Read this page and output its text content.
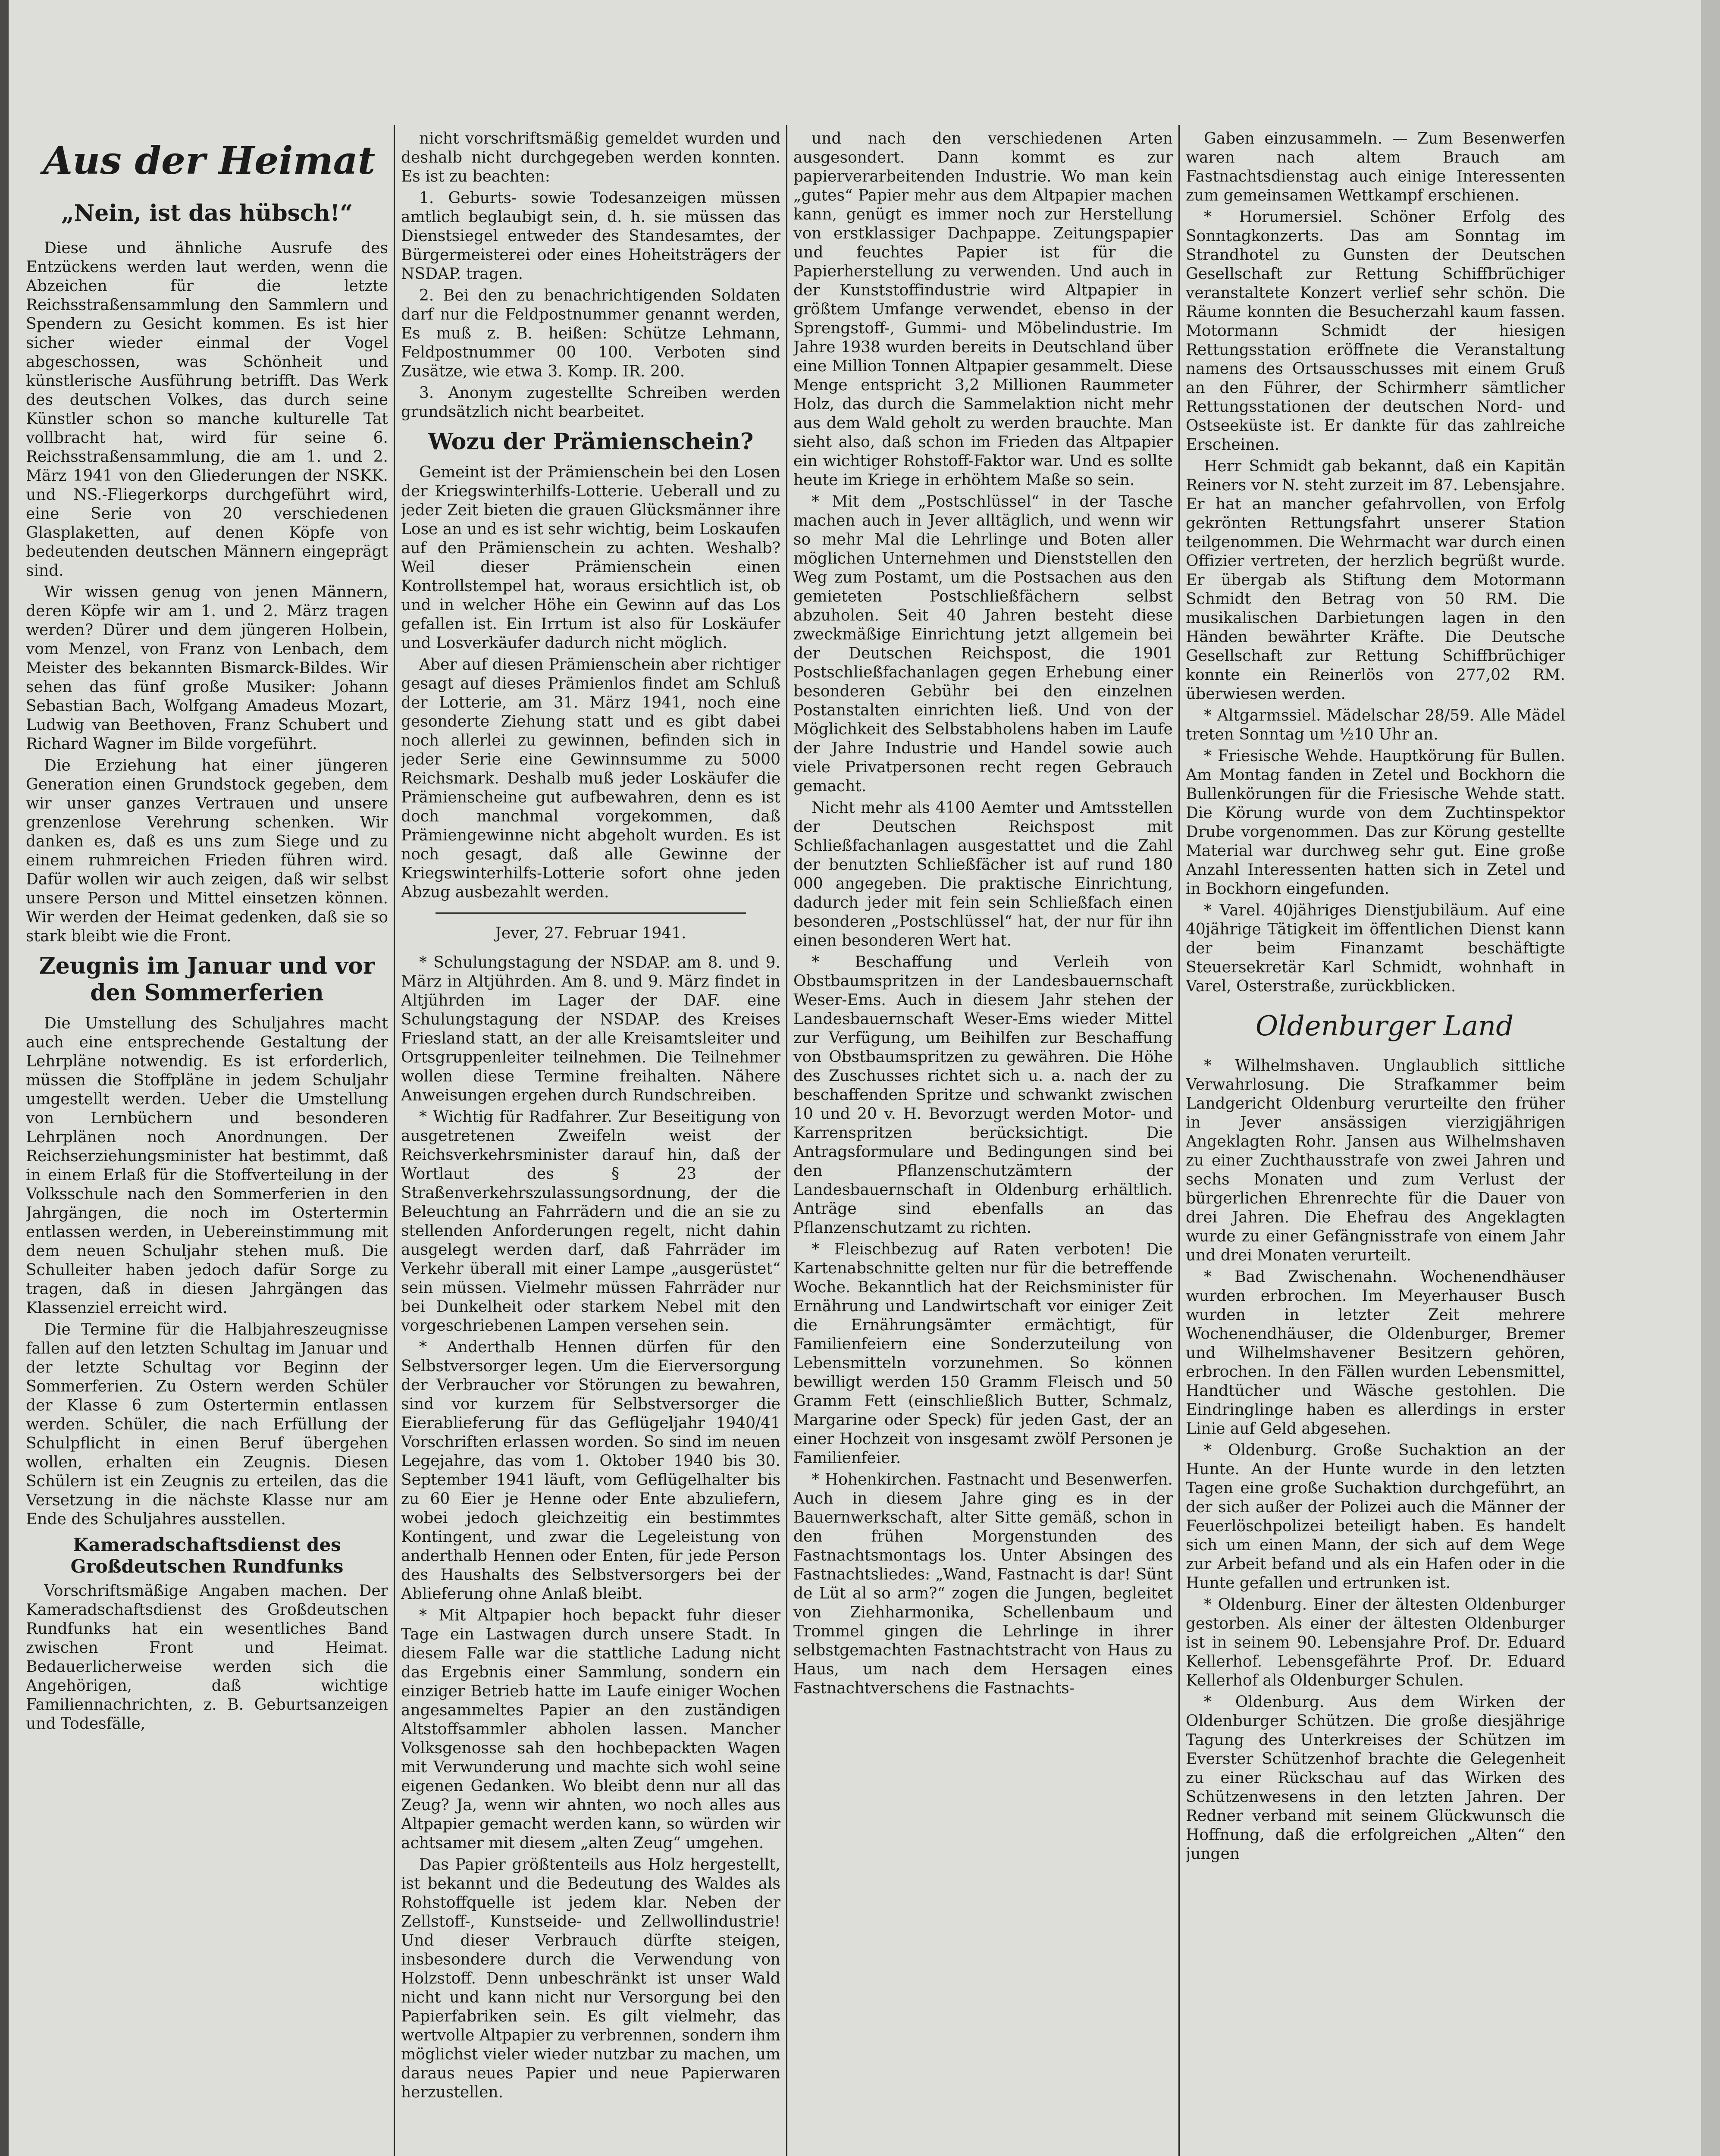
Aus der Heimat
„Nein, ist das hübsch!“

Diese und ähnliche Ausrufe des Entzückens werden laut werden, wenn die Abzeichen für die letzte Reichsstraßensammlung den Sammlern und Spendern zu Gesicht kommen. Es ist hier sicher wieder einmal der Vogel abgeschossen, was Schönheit und künstlerische Ausführung betrifft. Das Werk des deutschen Volkes, das durch seine Künstler schon so manche kulturelle Tat vollbracht hat, wird für seine 6. Reichsstraßensammlung, die am 1. und 2. März 1941 von den Gliederungen der NSKK. und NS.-Fliegerkorps durchgeführt wird, eine Serie von 20 verschiedenen Glasplaketten, auf denen Köpfe von bedeutenden deutschen Männern eingeprägt sind.

Wir wissen genug von jenen Männern, deren Köpfe wir am 1. und 2. März tragen werden? Dürer und dem jüngeren Holbein, vom Menzel, von Franz von Lenbach, dem Meister des bekannten Bismarck-Bildes. Wir sehen das fünf große Musiker: Johann Sebastian Bach, Wolfgang Amadeus Mozart, Ludwig van Beethoven, Franz Schubert und Richard Wagner im Bilde vorgeführt.

Die Erziehung hat einer jüngeren Generation einen Grundstock gegeben, dem wir unser ganzes Vertrauen und unsere grenzenlose Verehrung schenken. Wir danken es, daß es uns zum Siege und zu einem ruhmreichen Frieden führen wird. Dafür wollen wir auch zeigen, daß wir selbst unsere Person und Mittel einsetzen können. Wir werden der Heimat gedenken, daß sie so stark bleibt wie die Front.

Zeugnis im Januar und vor den Sommerferien

Die Umstellung des Schuljahres macht auch eine entsprechende Gestaltung der Lehrpläne notwendig. Es ist erforderlich, müssen die Stoffpläne in jedem Schuljahr umgestellt werden. Ueber die Umstellung von Lernbüchern und besonderen Lehrplänen noch Anordnungen. Der Reichserziehungsminister hat bestimmt, daß in einem Erlaß für die Stoffverteilung in der Volksschule nach den Sommerferien in den Jahrgängen, die noch im Ostertermin entlassen werden, in Uebereinstimmung mit dem neuen Schuljahr stehen muß. Die Schulleiter haben jedoch dafür Sorge zu tragen, daß in diesen Jahrgängen das Klassenziel erreicht wird.

Die Termine für die Halbjahreszeugnisse fallen auf den letzten Schultag im Januar und der letzte Schultag vor Beginn der Sommerferien. Zu Ostern werden Schüler der Klasse 6 zum Ostertermin entlassen werden. Schüler, die nach Erfüllung der Schulpflicht in einen Beruf übergehen wollen, erhalten ein Zeugnis. Diesen Schülern ist ein Zeugnis zu erteilen, das die Versetzung in die nächste Klasse nur am Ende des Schuljahres ausstellen.

Kameradschaftsdienst des Großdeutschen Rundfunks

Vorschriftsmäßige Angaben machen. Der Kameradschaftsdienst des Großdeutschen Rundfunks hat ein wesentliches Band zwischen Front und Heimat. Bedauerlicherweise werden sich die Angehörigen, daß wichtige Familiennachrichten, z. B. Geburtsanzeigen und Todesfälle,

nicht vorschriftsmäßig gemeldet wurden und deshalb nicht durchgegeben werden konnten. Es ist zu beachten:

1. Geburts- sowie Todesanzeigen müssen amtlich beglaubigt sein, d. h. sie müssen das Dienstsiegel entweder des Standesamtes, der Bürgermeisterei oder eines Hoheitsträgers der NSDAP. tragen.

2. Bei den zu benachrichtigenden Soldaten darf nur die Feldpostnummer genannt werden, Es muß z. B. heißen: Schütze Lehmann, Feldpostnummer 00 100. Verboten sind Zusätze, wie etwa 3. Komp. IR. 200.

3. Anonym zugestellte Schreiben werden grundsätzlich nicht bearbeitet.

Wozu der Prämienschein?

Gemeint ist der Prämienschein bei den Losen der Kriegswinterhilfs-Lotterie. Ueberall und zu jeder Zeit bieten die grauen Glücksmänner ihre Lose an und es ist sehr wichtig, beim Loskaufen auf den Prämienschein zu achten. Weshalb? Weil dieser Prämienschein einen Kontrollstempel hat, woraus ersichtlich ist, ob und in welcher Höhe ein Gewinn auf das Los gefallen ist. Ein Irrtum ist also für Loskäufer und Losverkäufer dadurch nicht möglich.

Aber auf diesen Prämienschein aber richtiger gesagt auf dieses Prämienlos findet am Schluß der Lotterie, am 31. März 1941, noch eine gesonderte Ziehung statt und es gibt dabei noch allerlei zu gewinnen, befinden sich in jeder Serie eine Gewinnsumme zu 5000 Reichsmark. Deshalb muß jeder Loskäufer die Prämienscheine gut aufbewahren, denn es ist doch manchmal vorgekommen, daß Prämiengewinne nicht abgeholt wurden. Es ist noch gesagt, daß alle Gewinne der Kriegswinterhilfs-Lotterie sofort ohne jeden Abzug ausbezahlt werden.

Jever, 27. Februar 1941.

* Schulungstagung der NSDAP. am 8. und 9. März in Altjührden. Am 8. und 9. März findet in Altjührden im Lager der DAF. eine Schulungstagung der NSDAP. des Kreises Friesland statt, an der alle Kreisamtsleiter und Ortsgruppenleiter teilnehmen. Die Teilnehmer wollen diese Termine freihalten. Nähere Anweisungen ergehen durch Rundschreiben.

* Wichtig für Radfahrer. Zur Beseitigung von ausgetretenen Zweifeln weist der Reichsverkehrsminister darauf hin, daß der Wortlaut des § 23 der Straßenverkehrszulassungsordnung, der die Beleuchtung an Fahrrädern und die an sie zu stellenden Anforderungen regelt, nicht dahin ausgelegt werden darf, daß Fahrräder im Verkehr überall mit einer Lampe „ausgerüstet“ sein müssen. Vielmehr müssen Fahrräder nur bei Dunkelheit oder starkem Nebel mit den vorgeschriebenen Lampen versehen sein.

* Anderthalb Hennen dürfen für den Selbstversorger legen. Um die Eierversorgung der Verbraucher vor Störungen zu bewahren, sind vor kurzem für Selbstversorger die Eierablieferung für das Geflügeljahr 1940/41 Vorschriften erlassen worden. So sind im neuen Legejahre, das vom 1. Oktober 1940 bis 30. September 1941 läuft, vom Geflügelhalter bis zu 60 Eier je Henne oder Ente abzuliefern, wobei jedoch gleichzeitig ein bestimmtes Kontingent, und zwar die Legeleistung von anderthalb Hennen oder Enten, für jede Person des Haushalts des Selbstversorgers bei der Ablieferung ohne Anlaß bleibt.

* Mit Altpapier hoch bepackt fuhr dieser Tage ein Lastwagen durch unsere Stadt. In diesem Falle war die stattliche Ladung nicht das Ergebnis einer Sammlung, sondern ein einziger Betrieb hatte im Laufe einiger Wochen angesammeltes Papier an den zuständigen Altstoffsammler abholen lassen. Mancher Volksgenosse sah den hochbepackten Wagen mit Verwunderung und machte sich wohl seine eigenen Gedanken. Wo bleibt denn nur all das Zeug? Ja, wenn wir ahnten, wo noch alles aus Altpapier gemacht werden kann, so würden wir achtsamer mit diesem „alten Zeug“ umgehen.

Das Papier größtenteils aus Holz hergestellt, ist bekannt und die Bedeutung des Waldes als Rohstoffquelle ist jedem klar. Neben der Zellstoff-, Kunstseide- und Zellwollindustrie! Und dieser Verbrauch dürfte steigen, insbesondere durch die Verwendung von Holzstoff. Denn unbeschränkt ist unser Wald nicht und kann nicht nur Versorgung bei den Papierfabriken sein. Es gilt vielmehr, das wertvolle Altpapier zu verbrennen, sondern ihm möglichst vieler wieder nutzbar zu machen, um daraus neues Papier und neue Papierwaren herzustellen.

und nach den verschiedenen Arten ausgesondert. Dann kommt es zur papierverarbeitenden Industrie. Wo man kein „gutes“ Papier mehr aus dem Altpapier machen kann, genügt es immer noch zur Herstellung von erstklassiger Dachpappe. Zeitungspapier und feuchtes Papier ist für die Papierherstellung zu verwenden. Und auch in der Kunststoffindustrie wird Altpapier in größtem Umfange verwendet, ebenso in der Sprengstoff-, Gummi- und Möbelindustrie. Im Jahre 1938 wurden bereits in Deutschland über eine Million Tonnen Altpapier gesammelt. Diese Menge entspricht 3,2 Millionen Raummeter Holz, das durch die Sammelaktion nicht mehr aus dem Wald geholt zu werden brauchte. Man sieht also, daß schon im Frieden das Altpapier ein wichtiger Rohstoff-Faktor war. Und es sollte heute im Kriege in erhöhtem Maße so sein.

* Mit dem „Postschlüssel“ in der Tasche machen auch in Jever alltäglich, und wenn wir so mehr Mal die Lehrlinge und Boten aller möglichen Unternehmen und Dienststellen den Weg zum Postamt, um die Postsachen aus den gemieteten Postschließfächern selbst abzuholen. Seit 40 Jahren besteht diese zweckmäßige Einrichtung jetzt allgemein bei der Deutschen Reichspost, die 1901 Postschließfachanlagen gegen Erhebung einer besonderen Gebühr bei den einzelnen Postanstalten einrichten ließ. Und von der Möglichkeit des Selbstabholens haben im Laufe der Jahre Industrie und Handel sowie auch viele Privatpersonen recht regen Gebrauch gemacht.

Nicht mehr als 4100 Aemter und Amtsstellen der Deutschen Reichspost mit Schließfachanlagen ausgestattet und die Zahl der benutzten Schließfächer ist auf rund 180 000 angegeben. Die praktische Einrichtung, dadurch jeder mit fein sein Schließfach einen besonderen „Postschlüssel“ hat, der nur für ihn einen besonderen Wert hat.

* Beschaffung und Verleih von Obstbaumspritzen in der Landesbauernschaft Weser-Ems. Auch in diesem Jahr stehen der Landesbauernschaft Weser-Ems wieder Mittel zur Verfügung, um Beihilfen zur Beschaffung von Obstbaumspritzen zu gewähren. Die Höhe des Zuschusses richtet sich u. a. nach der zu beschaffenden Spritze und schwankt zwischen 10 und 20 v. H. Bevorzugt werden Motor- und Karrenspritzen berücksichtigt. Die Antragsformulare und Bedingungen sind bei den Pflanzenschutzämtern der Landesbauernschaft in Oldenburg erhältlich. Anträge sind ebenfalls an das Pflanzenschutzamt zu richten.

* Fleischbezug auf Raten verboten! Die Kartenabschnitte gelten nur für die betreffende Woche. Bekanntlich hat der Reichsminister für Ernährung und Landwirtschaft vor einiger Zeit die Ernährungsämter ermächtigt, für Familienfeiern eine Sonderzuteilung von Lebensmitteln vorzunehmen. So können bewilligt werden 150 Gramm Fleisch und 50 Gramm Fett (einschließlich Butter, Schmalz, Margarine oder Speck) für jeden Gast, der an einer Hochzeit von insgesamt zwölf Personen je Familienfeier.

* Hohenkirchen. Fastnacht und Besenwerfen. Auch in diesem Jahre ging es in der Bauernwerkschaft, alter Sitte gemäß, schon in den frühen Morgenstunden des Fastnachtsmontags los. Unter Absingen des Fastnachtsliedes: „Wand, Fastnacht is dar! Sünt de Lüt al so arm?“ zogen die Jungen, begleitet von Ziehharmonika, Schellenbaum und Trommel gingen die Lehrlinge in ihrer selbstgemachten Fastnachtstracht von Haus zu Haus, um nach dem Hersagen eines Fastnachtverschens die Fastnachts-

Gaben einzusammeln. — Zum Besenwerfen waren nach altem Brauch am Fastnachtsdienstag auch einige Interessenten zum gemeinsamen Wettkampf erschienen.

* Horumersiel. Schöner Erfolg des Sonntagkonzerts. Das am Sonntag im Strandhotel zu Gunsten der Deutschen Gesellschaft zur Rettung Schiffbrüchiger veranstaltete Konzert verlief sehr schön. Die Räume konnten die Besucherzahl kaum fassen. Motormann Schmidt der hiesigen Rettungsstation eröffnete die Veranstaltung namens des Ortsausschusses mit einem Gruß an den Führer, der Schirmherr sämtlicher Rettungsstationen der deutschen Nord- und Ostseeküste ist. Er dankte für das zahlreiche Erscheinen.

Herr Schmidt gab bekannt, daß ein Kapitän Reiners vor N. steht zurzeit im 87. Lebensjahre. Er hat an mancher gefahrvollen, von Erfolg gekrönten Rettungsfahrt unserer Station teilgenommen. Die Wehrmacht war durch einen Offizier vertreten, der herzlich begrüßt wurde. Er übergab als Stiftung dem Motormann Schmidt den Betrag von 50 RM. Die musikalischen Darbietungen lagen in den Händen bewährter Kräfte. Die Deutsche Gesellschaft zur Rettung Schiffbrüchiger konnte ein Reinerlös von 277,02 RM. überwiesen werden.

* Altgarmssiel. Mädelschar 28/59. Alle Mädel treten Sonntag um ½10 Uhr an.

* Friesische Wehde. Hauptkörung für Bullen. Am Montag fanden in Zetel und Bockhorn die Bullenkörungen für die Friesische Wehde statt. Die Körung wurde von dem Zuchtinspektor Drube vorgenommen. Das zur Körung gestellte Material war durchweg sehr gut. Eine große Anzahl Interessenten hatten sich in Zetel und in Bockhorn eingefunden.

* Varel. 40jähriges Dienstjubiläum. Auf eine 40jährige Tätigkeit im öffentlichen Dienst kann der beim Finanzamt beschäftigte Steuersekretär Karl Schmidt, wohnhaft in Varel, Osterstraße, zurückblicken.

Oldenburger Land

* Wilhelmshaven. Unglaublich sittliche Verwahrlosung. Die Strafkammer beim Landgericht Oldenburg verurteilte den früher in Jever ansässigen vierzigjährigen Angeklagten Rohr. Jansen aus Wilhelmshaven zu einer Zuchthausstrafe von zwei Jahren und sechs Monaten und zum Verlust der bürgerlichen Ehrenrechte für die Dauer von drei Jahren. Die Ehefrau des Angeklagten wurde zu einer Gefängnisstrafe von einem Jahr und drei Monaten verurteilt.

* Bad Zwischenahn. Wochenendhäuser wurden erbrochen. Im Meyerhauser Busch wurden in letzter Zeit mehrere Wochenendhäuser, die Oldenburger, Bremer und Wilhelmshavener Besitzern gehören, erbrochen. In den Fällen wurden Lebensmittel, Handtücher und Wäsche gestohlen. Die Eindringlinge haben es allerdings in erster Linie auf Geld abgesehen.

* Oldenburg. Große Suchaktion an der Hunte. An der Hunte wurde in den letzten Tagen eine große Suchaktion durchgeführt, an der sich außer der Polizei auch die Männer der Feuerlöschpolizei beteiligt haben. Es handelt sich um einen Mann, der sich auf dem Wege zur Arbeit befand und als ein Hafen oder in die Hunte gefallen und ertrunken ist.

* Oldenburg. Einer der ältesten Oldenburger gestorben. Als einer der ältesten Oldenburger ist in seinem 90. Lebensjahre Prof. Dr. Eduard Kellerhof. Lebensgefährte Prof. Dr. Eduard Kellerhof als Oldenburger Schulen.

* Oldenburg. Aus dem Wirken der Oldenburger Schützen. Die große diesjährige Tagung des Unterkreises der Schützen im Everster Schützenhof brachte die Gelegenheit zu einer Rückschau auf das Wirken des Schützenwesens in den letzten Jahren. Der Redner verband mit seinem Glückwunsch die Hoffnung, daß die erfolgreichen „Alten“ den jungen
